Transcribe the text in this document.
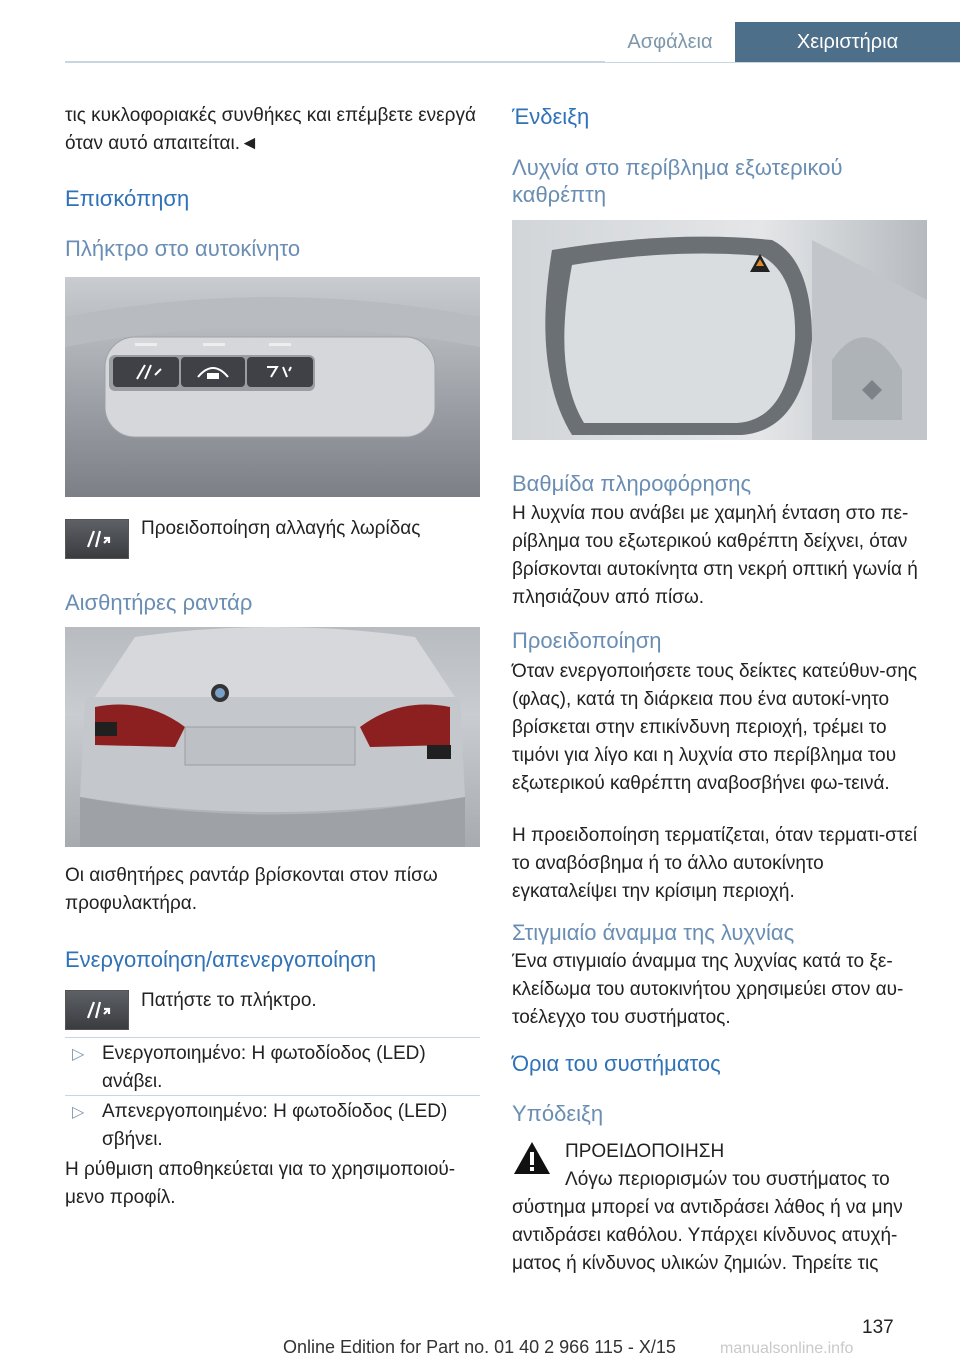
Ασφάλεια	Χειριστήρια

τις κυκλοφοριακές συνθήκες και επέμβετε ενεργά όταν αυτό απαιτείται.◄

Επισκόπηση
Πλήκτρο στο αυτοκίνητο

Προειδοποίηση αλλαγής λωρίδας

Αισθητήρες ραντάρ

Οι αισθητήρες ραντάρ βρίσκονται στον πίσω προφυλακτήρα.

Ενεργοποίηση/απενεργοποίηση

Πατήστε το πλήκτρο.

▷ Ενεργοποιημένο: Η φωτοδίοδος (LED) ανάβει.

▷ Απενεργοποιημένο: Η φωτοδίοδος (LED) σβήνει.

Η ρύθμιση αποθηκεύεται για το χρησιμοποιού‐μενο προφίλ.

Ένδειξη
Λυχνία στο περίβλημα εξωτερικού καθρέπτη
Βαθμίδα πληροφόρησης

Η λυχνία που ανάβει με χαμηλή ένταση στο πε‐ρίβλημα του εξωτερικού καθρέπτη δείχνει, όταν βρίσκονται αυτοκίνητα στη νεκρή οπτική γωνία ή πλησιάζουν από πίσω.

Προειδοποίηση

Όταν ενεργοποιήσετε τους δείκτες κατεύθυν‐σης (φλας), κατά τη διάρκεια που ένα αυτοκί‐νητο βρίσκεται στην επικίνδυνη περιοχή, τρέμει το τιμόνι για λίγο και η λυχνία στο περίβλημα του εξωτερικού καθρέπτη αναβοσβήνει φω‐τεινά.

Η προειδοποίηση τερματίζεται, όταν τερματι‐στεί το αναβόσβημα ή το άλλο αυτοκίνητο εγκαταλείψει την κρίσιμη περιοχή.

Στιγμιαίο άναμμα της λυχνίας

Ένα στιγμιαίο άναμμα της λυχνίας κατά το ξε‐κλείδωμα του αυτοκινήτου χρησιμεύει στον αυ‐τοέλεγχο του συστήματος.

Όρια του συστήματος
Υπόδειξη

ΠΡΟΕΙΔΟΠΟΙΗΣΗ

Λόγω περιορισμών του συστήματος το

σύστημα μπορεί να αντιδράσει λάθος ή να μην αντιδράσει καθόλου. Υπάρχει κίνδυνος ατυχή‐ματος ή κίνδυνος υλικών ζημιών. Τηρείτε τις

137
Online Edition for Part no. 01 40 2 966 115 - X/15	manualsonline.info
